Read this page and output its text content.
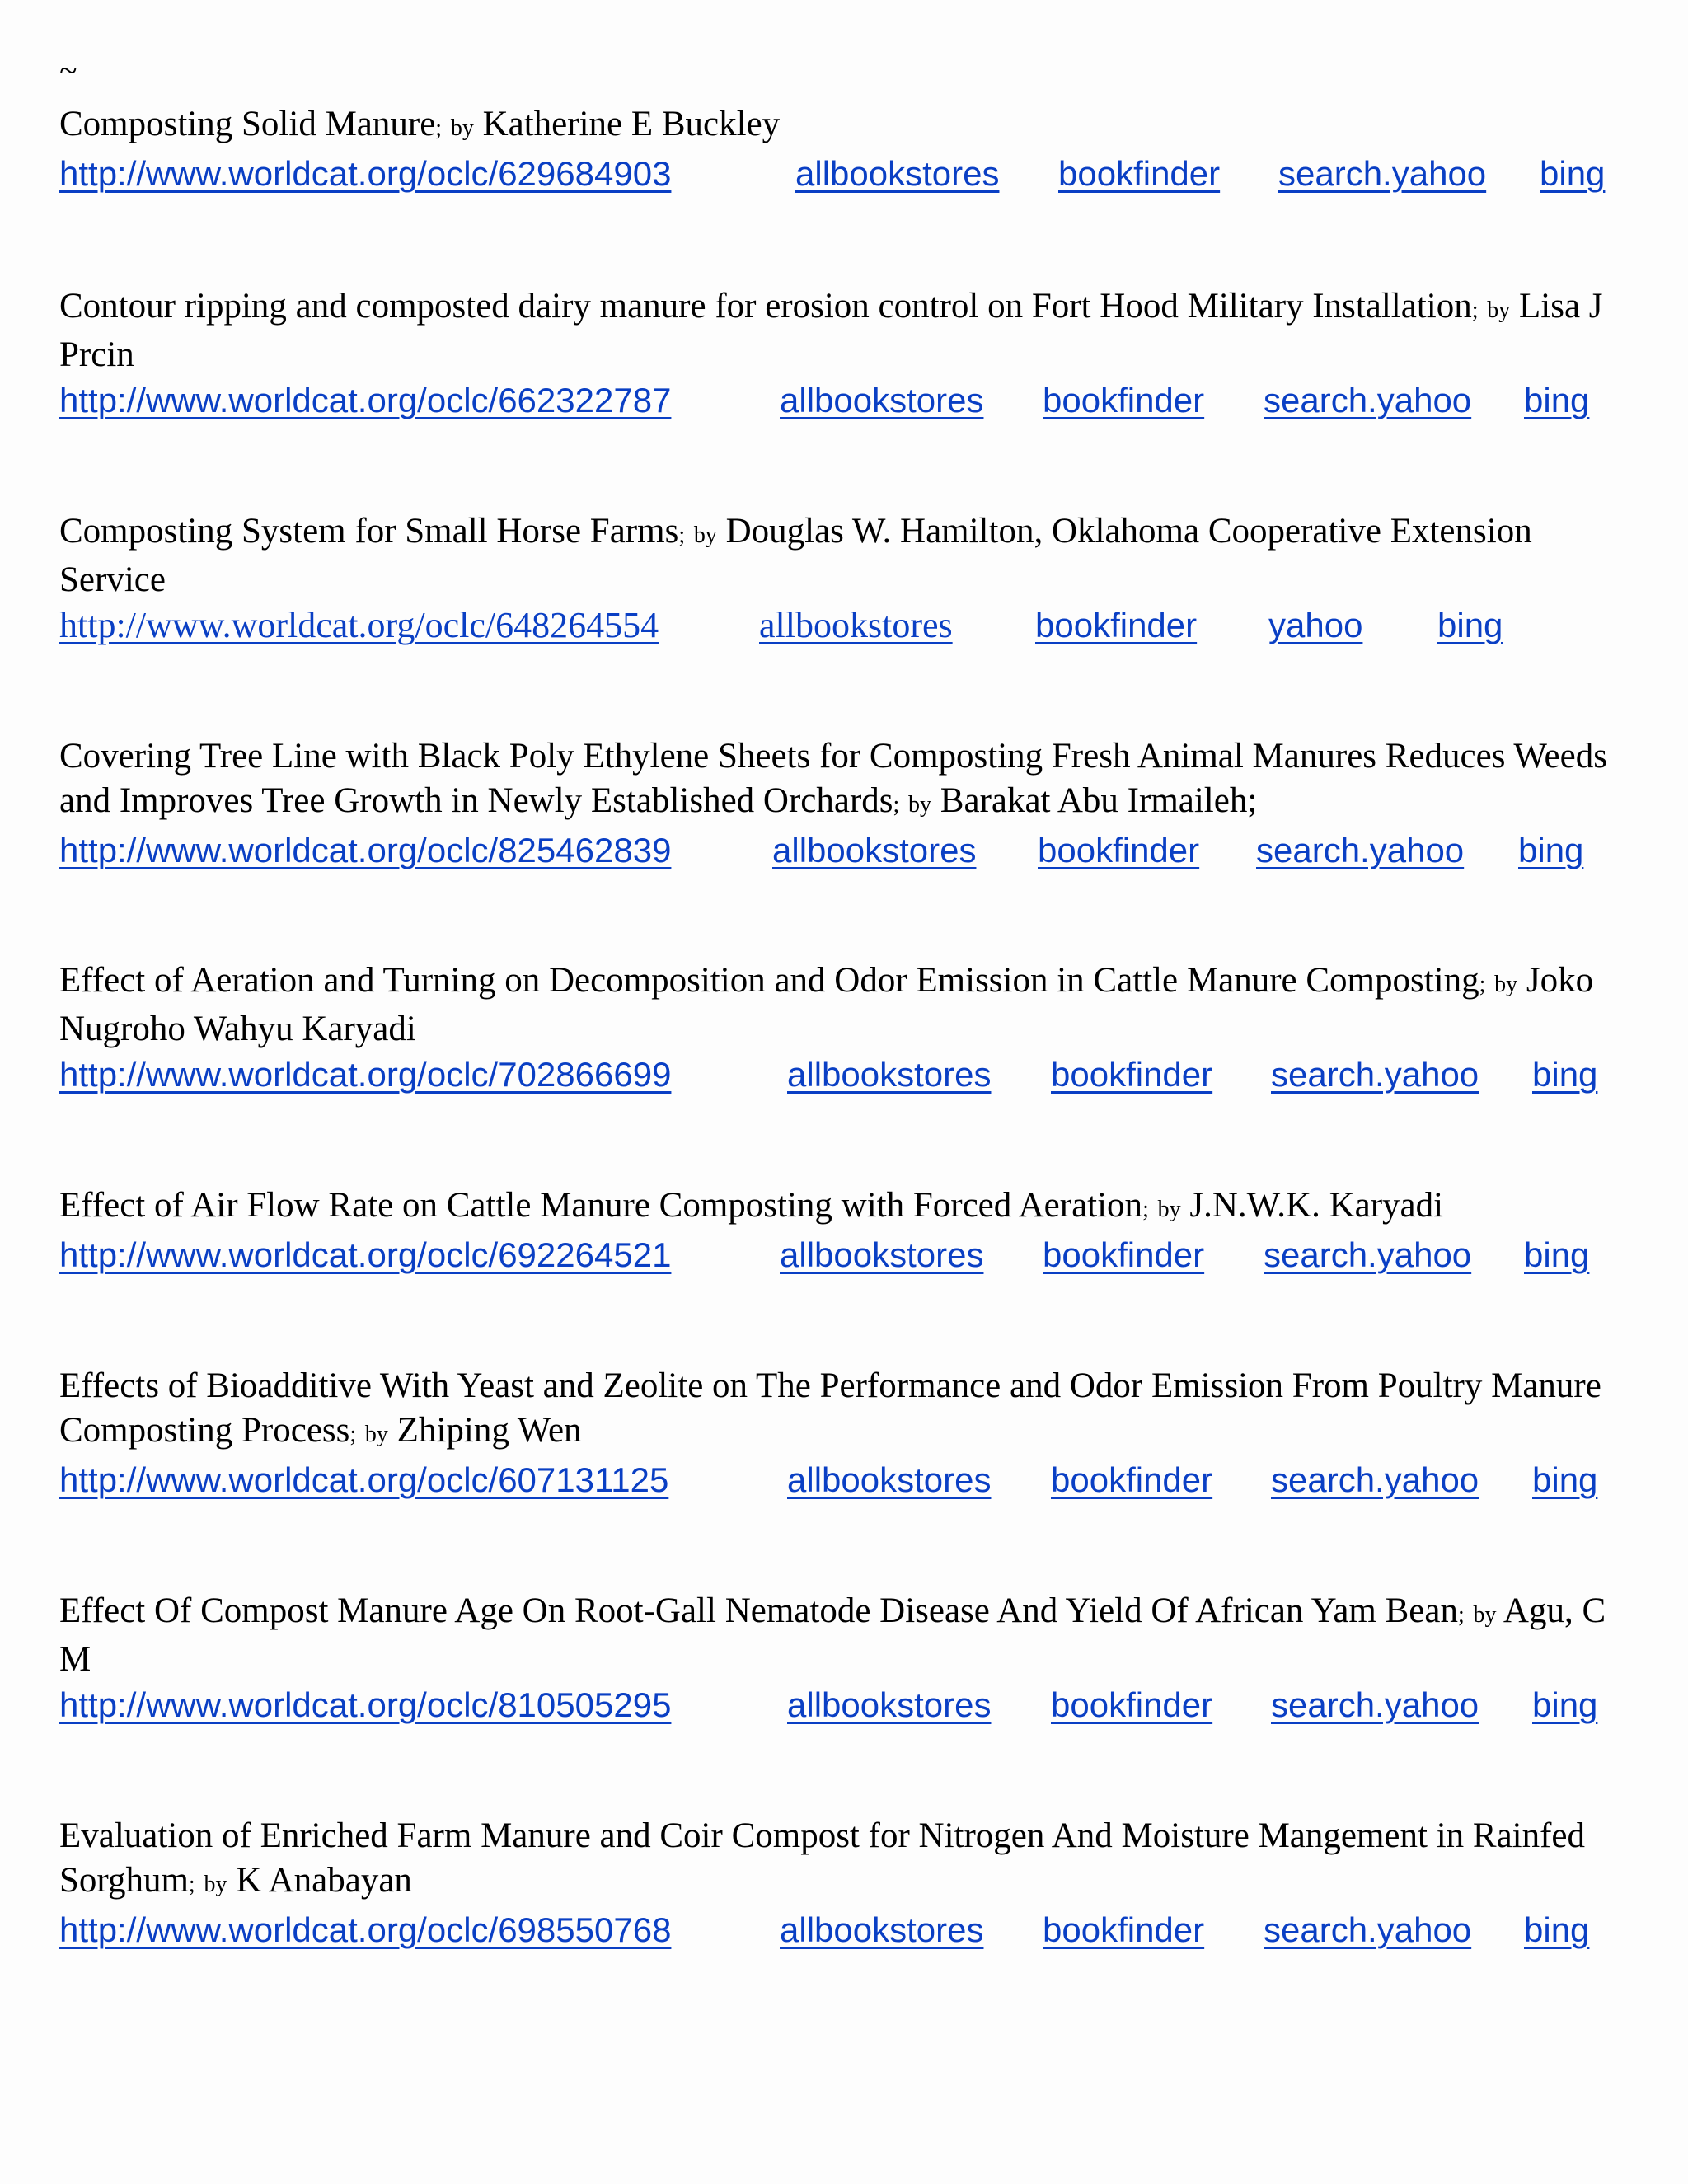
~
Composting Solid Manure; by Katherine E Buckley
http://www.worldcat.org/oclc/629684903	allbookstores bookfinder search.yahoo bing
Contour ripping and composted dairy manure for erosion control on Fort Hood Military Installation; by Lisa J Prcin
http://www.worldcat.org/oclc/662322787	allbookstores bookfinder search.yahoo bing
Composting System for Small Horse Farms; by Douglas W. Hamilton, Oklahoma Cooperative Extension Service
http://www.worldcat.org/oclc/648264554	allbookstores bookfinder yahoo bing
Covering Tree Line with Black Poly Ethylene Sheets for Composting Fresh Animal Manures Reduces Weeds and Improves Tree Growth in Newly Established Orchards; by Barakat Abu Irmaileh;
http://www.worldcat.org/oclc/825462839	allbookstores bookfinder search.yahoo bing
Effect of Aeration and Turning on Decomposition and Odor Emission in Cattle Manure Composting; by Joko Nugroho Wahyu Karyadi
http://www.worldcat.org/oclc/702866699	allbookstores bookfinder search.yahoo bing
Effect of Air Flow Rate on Cattle Manure Composting with Forced Aeration; by J.N.W.K. Karyadi
http://www.worldcat.org/oclc/692264521	allbookstores bookfinder search.yahoo bing
Effects of Bioadditive With Yeast and Zeolite on The Performance and Odor Emission From Poultry Manure Composting Process; by Zhiping Wen
http://www.worldcat.org/oclc/607131125	allbookstores bookfinder search.yahoo bing
Effect Of Compost Manure Age On Root-Gall Nematode Disease And Yield Of African Yam Bean; by Agu, C M
http://www.worldcat.org/oclc/810505295	allbookstores bookfinder search.yahoo bing
Evaluation of Enriched Farm Manure and Coir Compost for Nitrogen And Moisture Mangement in Rainfed Sorghum; by K Anabayan
http://www.worldcat.org/oclc/698550768	allbookstores bookfinder search.yahoo bing
